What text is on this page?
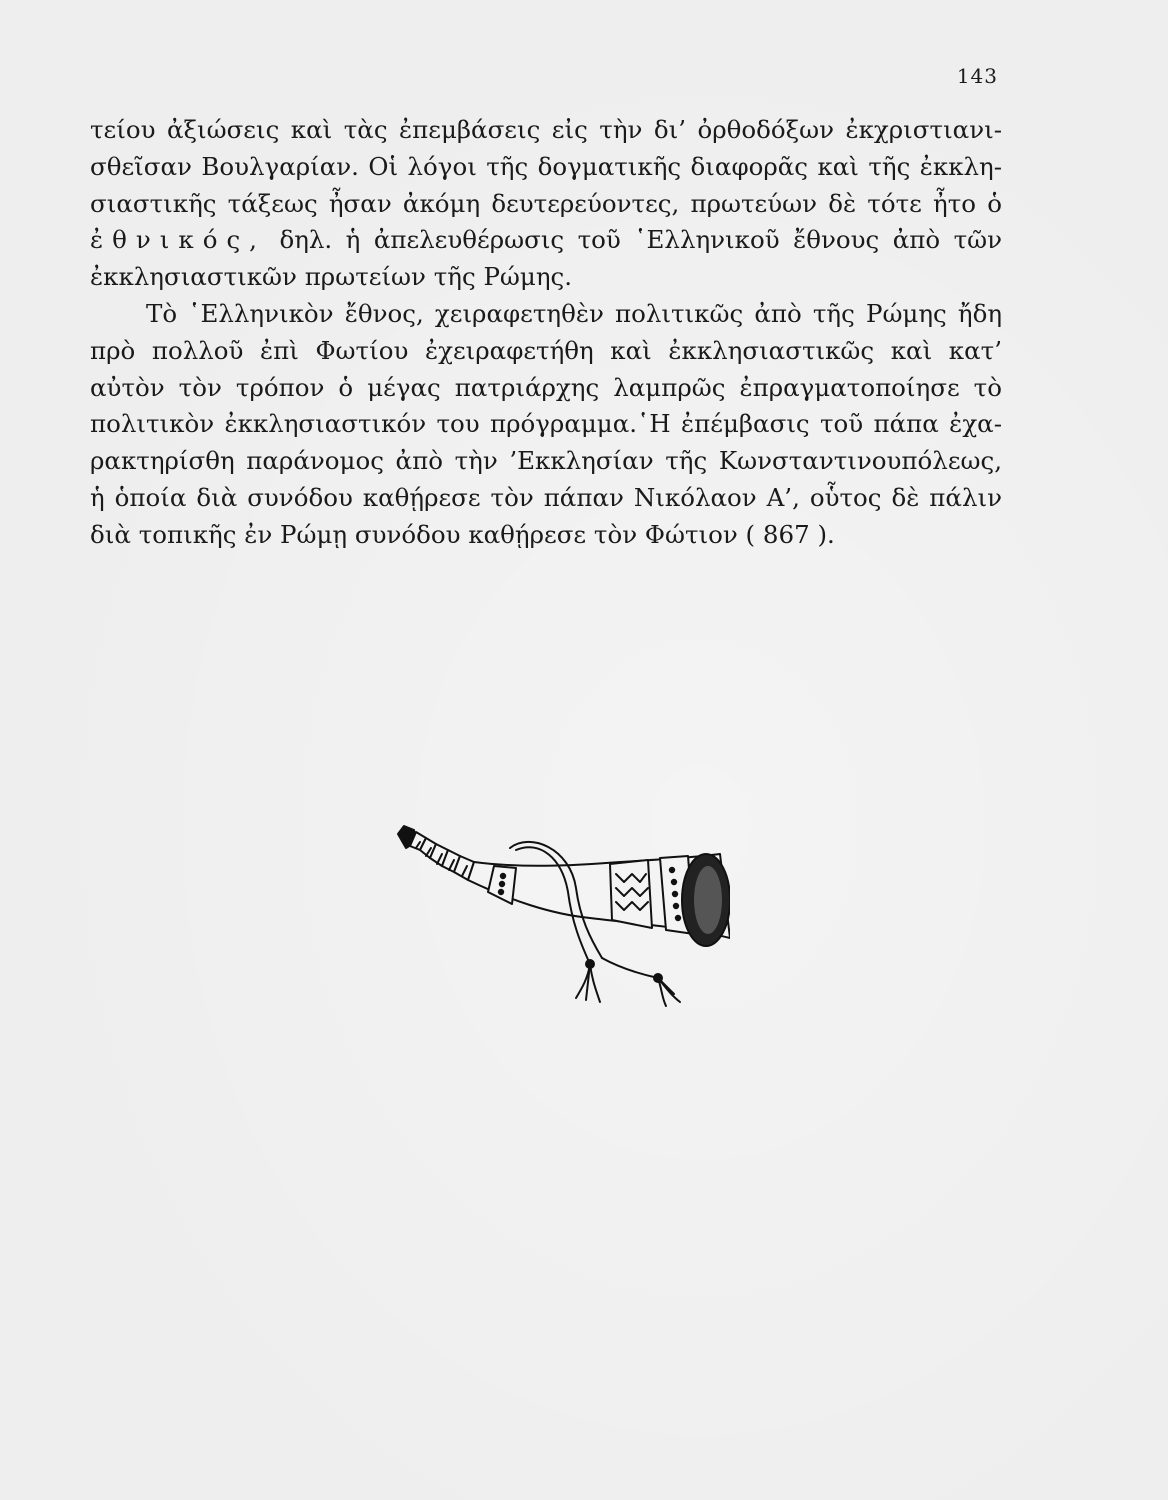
143
τείου ἀξιώσεις καὶ τὰς ἐπεμβάσεις εἰς τὴν δι’ ὀρθοδόξων ἐκχριστιανι-
σθεῖσαν Βουλγαρίαν. Οἱ λόγοι τῆς δογματικῆς διαφορᾶς καὶ τῆς ἐκκλη-
σιαστικῆς τάξεως ἦσαν ἀκόμη δευτερεύοντες, πρωτεύων δὲ τότε ἦτο ὁ
ἐθνικός, δηλ. ἡ ἀπελευθέρωσις τοῦ ῾Ελληνικοῦ ἔθνους ἀπὸ τῶν
ἐκκλησιαστικῶν πρωτείων τῆς Ρώμης.
Τὸ ῾Ελληνικὸν ἔθνος, χειραφετηθὲν πολιτικῶς ἀπὸ τῆς Ρώμης ἤδη
πρὸ πολλοῦ ἐπὶ Φωτίου ἐχειραφετήθη καὶ ἐκκλησιαστικῶς καὶ κατ’
αὐτὸν τὸν τρόπον ὁ μέγας πατριάρχης λαμπρῶς ἐπραγματοποίησε τὸ
πολιτικὸν ἐκκλησιαστικόν του πρόγραμμα.῾Η ἐπέμβασις τοῦ πάπα ἐχα-
ρακτηρίσθη παράνομος ἀπὸ τὴν ’Εκκλησίαν τῆς Κωνσταντινουπόλεως,
ἡ ὁποία διὰ συνόδου καθῄρεσε τὸν πάπαν Νικόλαον Α’, οὗτος δὲ πάλιν
διὰ τοπικῆς ἐν Ρώμῃ συνόδου καθῄρεσε τὸν Φώτιον ( 867 ).
